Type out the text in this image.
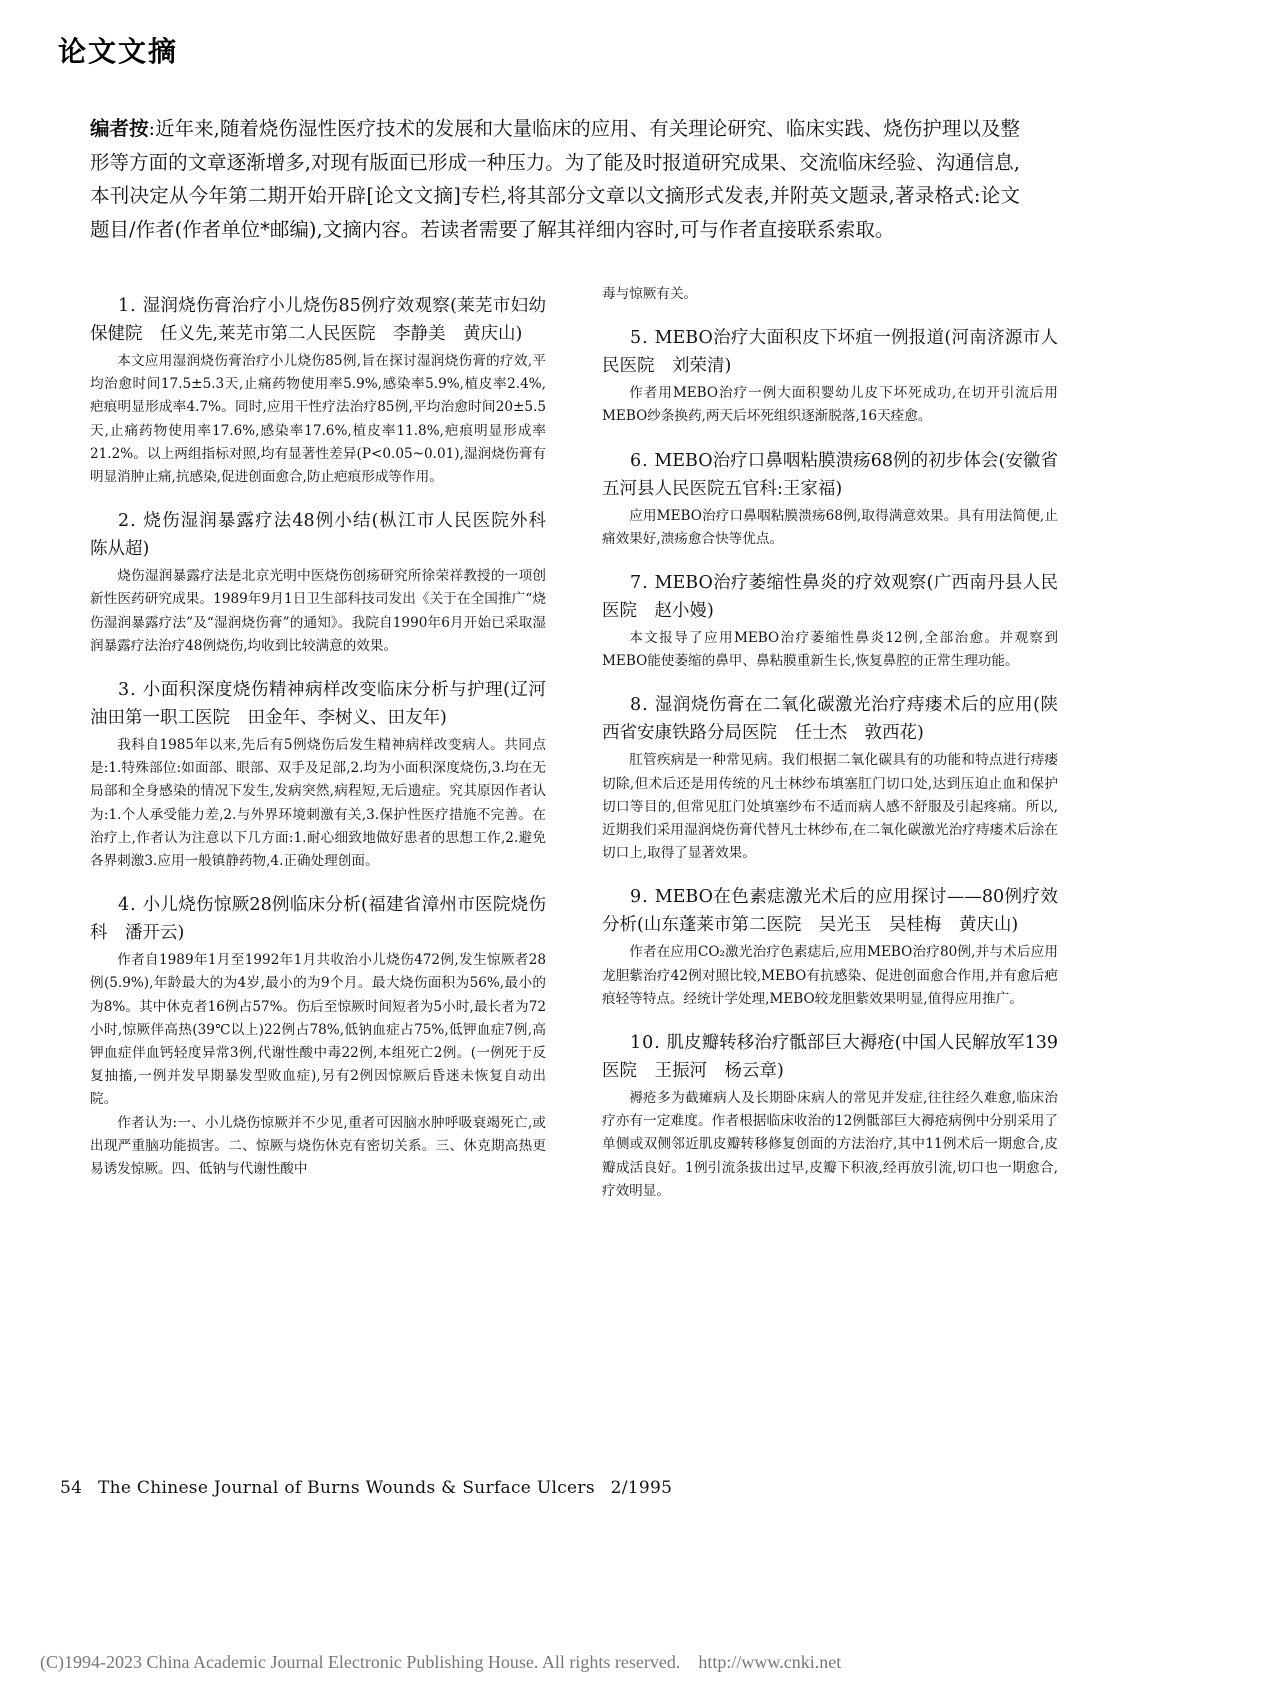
论文文摘
编者按:近年来,随着烧伤湿性医疗技术的发展和大量临床的应用、有关理论研究、临床实践、烧伤护理以及整形等方面的文章逐渐增多,对现有版面已形成一种压力。为了能及时报道研究成果、交流临床经验、沟通信息,本刊决定从今年第二期开始开辟[论文文摘]专栏,将其部分文章以文摘形式发表,并附英文题录,著录格式:论文题目/作者(作者单位*邮编),文摘内容。若读者需要了解其祥细内容时,可与作者直接联系索取。

1. 湿润烧伤膏治疗小儿烧伤85例疗效观察(莱芜市妇幼保健院　任义先,莱芜市第二人民医院　李静美　黄庆山)

本文应用湿润烧伤膏治疗小儿烧伤85例,旨在探讨湿润烧伤膏的疗效,平均治愈时间17.5±5.3天,止痛药物使用率5.9%,感染率5.9%,植皮率2.4%,疤痕明显形成率4.7%。同时,应用干性疗法治疗85例,平均治愈时间20±5.5天,止痛药物使用率17.6%,感染率17.6%,植皮率11.8%,疤痕明显形成率21.2%。以上两组指标对照,均有显著性差异(P<0.05~0.01),湿润烧伤膏有明显消肿止痛,抗感染,促进创面愈合,防止疤痕形成等作用。

2. 烧伤湿润暴露疗法48例小结(枞江市人民医院外科　陈从超)

烧伤湿润暴露疗法是北京光明中医烧伤创疡研究所徐荣祥教授的一项创新性医药研究成果。1989年9月1日卫生部科技司发出《关于在全国推广“烧伤湿润暴露疗法”及“湿润烧伤膏”的通知》。我院自1990年6月开始已采取湿润暴露疗法治疗48例烧伤,均收到比较满意的效果。

3. 小面积深度烧伤精神病样改变临床分析与护理(辽河油田第一职工医院　田金年、李树义、田友年)

我科自1985年以来,先后有5例烧伤后发生精神病样改变病人。共同点是:1.特殊部位:如面部、眼部、双手及足部,2.均为小面积深度烧伤,3.均在无局部和全身感染的情况下发生,发病突然,病程短,无后遗症。究其原因作者认为:1.个人承受能力差,2.与外界环境刺激有关,3.保护性医疗措施不完善。在治疗上,作者认为注意以下几方面:1.耐心细致地做好患者的思想工作,2.避免各界刺激3.应用一般镇静药物,4.正确处理创面。

4. 小儿烧伤惊厥28例临床分析(福建省漳州市医院烧伤科　潘开云)

作者自1989年1月至1992年1月共收治小儿烧伤472例,发生惊厥者28例(5.9%),年龄最大的为4岁,最小的为9个月。最大烧伤面积为56%,最小的为8%。其中休克者16例占57%。伤后至惊厥时间短者为5小时,最长者为72小时,惊厥伴高热(39℃以上)22例占78%,低钠血症占75%,低钾血症7例,高钾血症伴血钙轻度异常3例,代谢性酸中毒22例,本组死亡2例。(一例死于反复抽搐,一例并发早期暴发型败血症),另有2例因惊厥后昏迷未恢复自动出院。

作者认为:一、小儿烧伤惊厥并不少见,重者可因脑水肿呼吸衰竭死亡,或出现严重脑功能损害。二、惊厥与烧伤休克有密切关系。三、休克期高热更易诱发惊厥。四、低钠与代谢性酸中

毒与惊厥有关。

5. MEBO治疗大面积皮下坏疽一例报道(河南济源市人民医院　刘荣清)

作者用MEBO治疗一例大面积婴幼儿皮下坏死成功,在切开引流后用MEBO纱条换药,两天后坏死组织逐渐脱落,16天痊愈。

6. MEBO治疗口鼻咽粘膜溃疡68例的初步体会(安徽省五河县人民医院五官科:王家福)

应用MEBO治疗口鼻咽粘膜溃疡68例,取得满意效果。具有用法简便,止痛效果好,溃疡愈合快等优点。

7. MEBO治疗萎缩性鼻炎的疗效观察(广西南丹县人民医院　赵小嫚)

本文报导了应用MEBO治疗萎缩性鼻炎12例,全部治愈。并观察到MEBO能使萎缩的鼻甲、鼻粘膜重新生长,恢复鼻腔的正常生理功能。

8. 湿润烧伤膏在二氧化碳激光治疗痔瘘术后的应用(陕西省安康铁路分局医院　任士杰　敦西花)

肛管疾病是一种常见病。我们根据二氧化碳具有的功能和特点进行痔瘘切除,但术后还是用传统的凡士林纱布填塞肛门切口处,达到压迫止血和保护切口等目的,但常见肛门处填塞纱布不适而病人感不舒服及引起疼痛。所以,近期我们采用湿润烧伤膏代替凡士林纱布,在二氧化碳激光治疗痔瘘术后涂在切口上,取得了显著效果。

9. MEBO在色素痣激光术后的应用探讨——80例疗效分析(山东蓬莱市第二医院　吴光玉　吴桂梅　黄庆山)

作者在应用CO₂激光治疗色素痣后,应用MEBO治疗80例,并与术后应用龙胆紫治疗42例对照比较,MEBO有抗感染、促进创面愈合作用,并有愈后疤痕轻等特点。经统计学处理,MEBO较龙胆紫效果明显,值得应用推广。

10. 肌皮瓣转移治疗骶部巨大褥疮(中国人民解放军139医院　王振河　杨云章)

褥疮多为截瘫病人及长期卧床病人的常见并发症,往往经久难愈,临床治疗亦有一定难度。作者根据临床收治的12例骶部巨大褥疮病例中分别采用了单侧或双侧邻近肌皮瓣转移修复创面的方法治疗,其中11例术后一期愈合,皮瓣成活良好。1例引流条拔出过早,皮瓣下积液,经再放引流,切口也一期愈合,疗效明显。

54 The Chinese Journal of Burns Wounds & Surface Ulcers 2/1995
(C)1994-2023 China Academic Journal Electronic Publishing House. All rights reserved.　http://www.cnki.net
